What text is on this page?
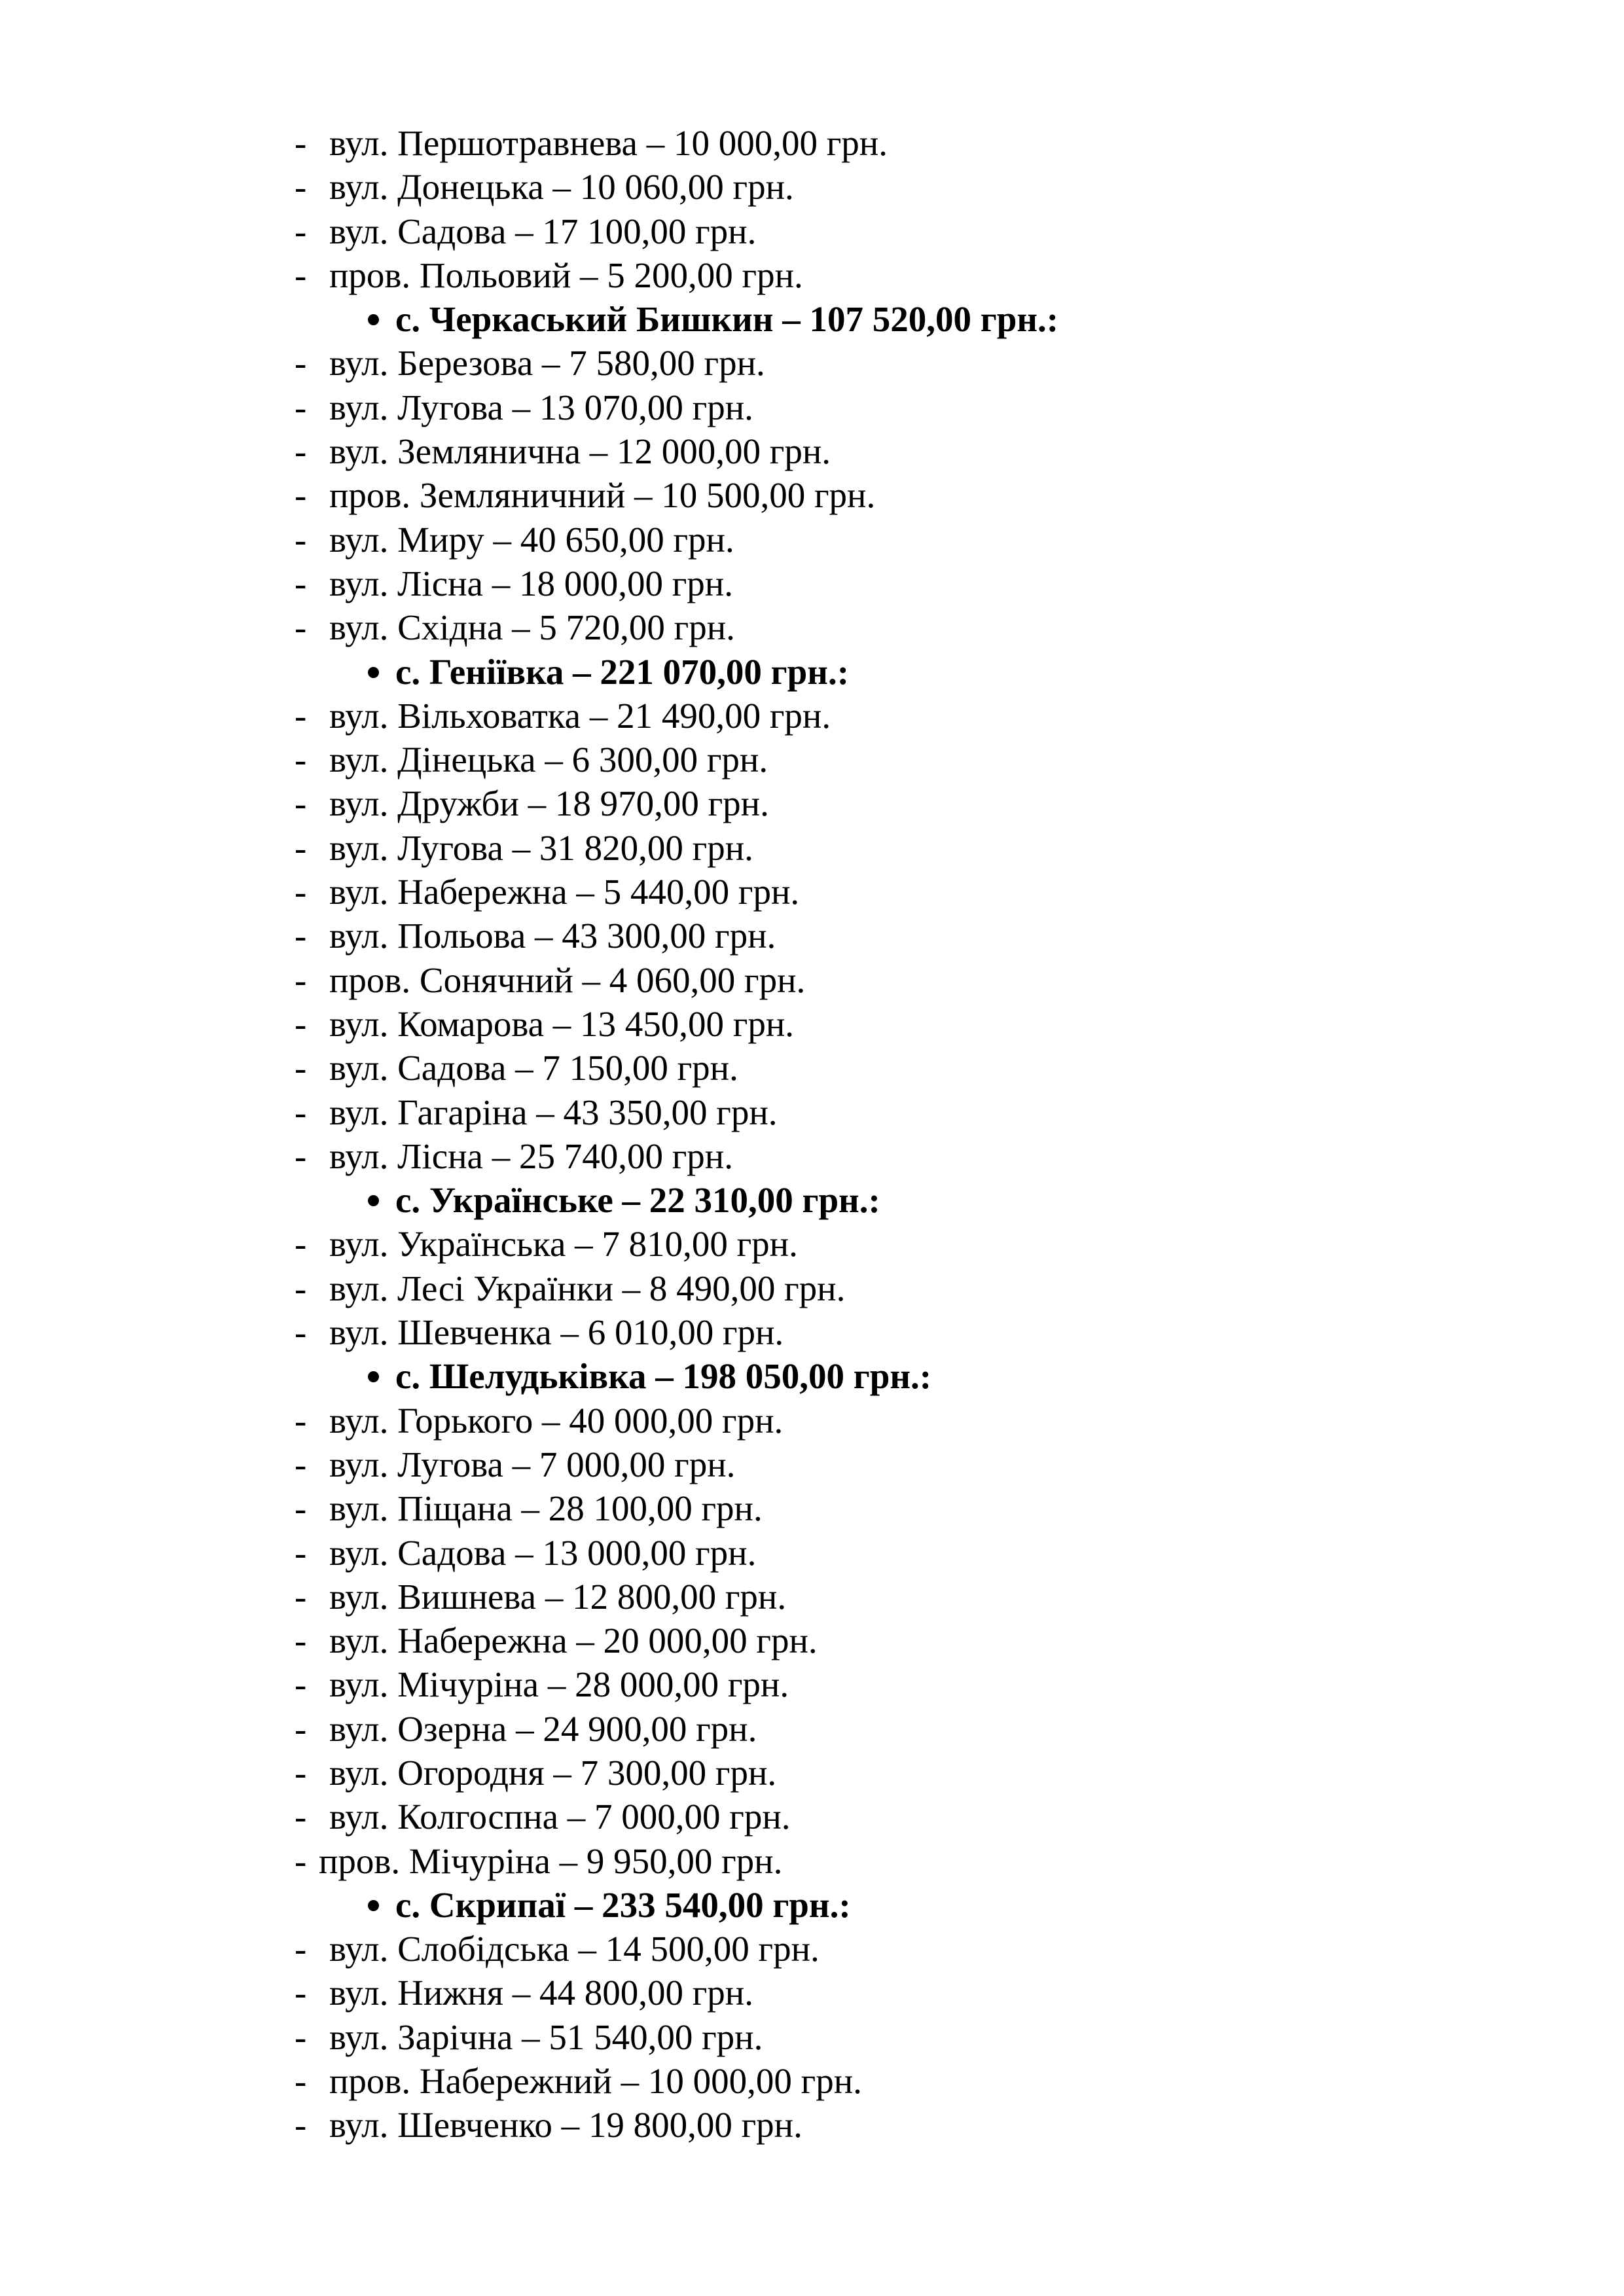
- вул. Першотравнева – 10 000,00 грн.
- вул. Донецька – 10 060,00 грн.
- вул. Садова – 17 100,00 грн.
- пров. Польовий – 5 200,00 грн.
с. Черкаський Бишкин – 107 520,00 грн.:
- вул. Березова – 7 580,00 грн.
- вул. Лугова – 13 070,00 грн.
- вул. Землянична – 12 000,00 грн.
- пров. Земляничний – 10 500,00 грн.
- вул. Миру – 40 650,00 грн.
- вул. Лісна – 18 000,00 грн.
- вул. Східна – 5 720,00 грн.
с. Геніївка – 221 070,00 грн.:
- вул. Вільховатка – 21 490,00 грн.
- вул. Дінецька – 6 300,00 грн.
- вул. Дружби – 18 970,00 грн.
- вул. Лугова – 31 820,00 грн.
- вул. Набережна – 5 440,00 грн.
- вул. Польова – 43 300,00 грн.
- пров. Сонячний – 4 060,00 грн.
- вул. Комарова – 13 450,00 грн.
- вул. Садова – 7 150,00 грн.
- вул. Гагаріна – 43 350,00 грн.
- вул. Лісна – 25 740,00 грн.
с. Українське – 22 310,00 грн.:
- вул. Українська – 7 810,00 грн.
- вул. Лесі Українки – 8 490,00 грн.
- вул. Шевченка – 6 010,00 грн.
с. Шелудьківка – 198 050,00 грн.:
- вул. Горького – 40 000,00 грн.
- вул. Лугова – 7 000,00 грн.
- вул. Піщана – 28 100,00 грн.
- вул. Садова – 13 000,00 грн.
- вул. Вишнева – 12 800,00 грн.
- вул. Набережна – 20 000,00 грн.
- вул. Мічуріна – 28 000,00 грн.
- вул. Озерна – 24 900,00 грн.
- вул. Огородня – 7 300,00 грн.
- вул. Колгоспна – 7 000,00 грн.
- пров. Мічуріна – 9 950,00 грн.
с. Скрипаї – 233 540,00 грн.:
- вул. Слобідська – 14 500,00 грн.
- вул. Нижня – 44 800,00 грн.
- вул. Зарічна – 51 540,00 грн.
- пров. Набережний – 10 000,00 грн.
- вул. Шевченко – 19 800,00 грн.
